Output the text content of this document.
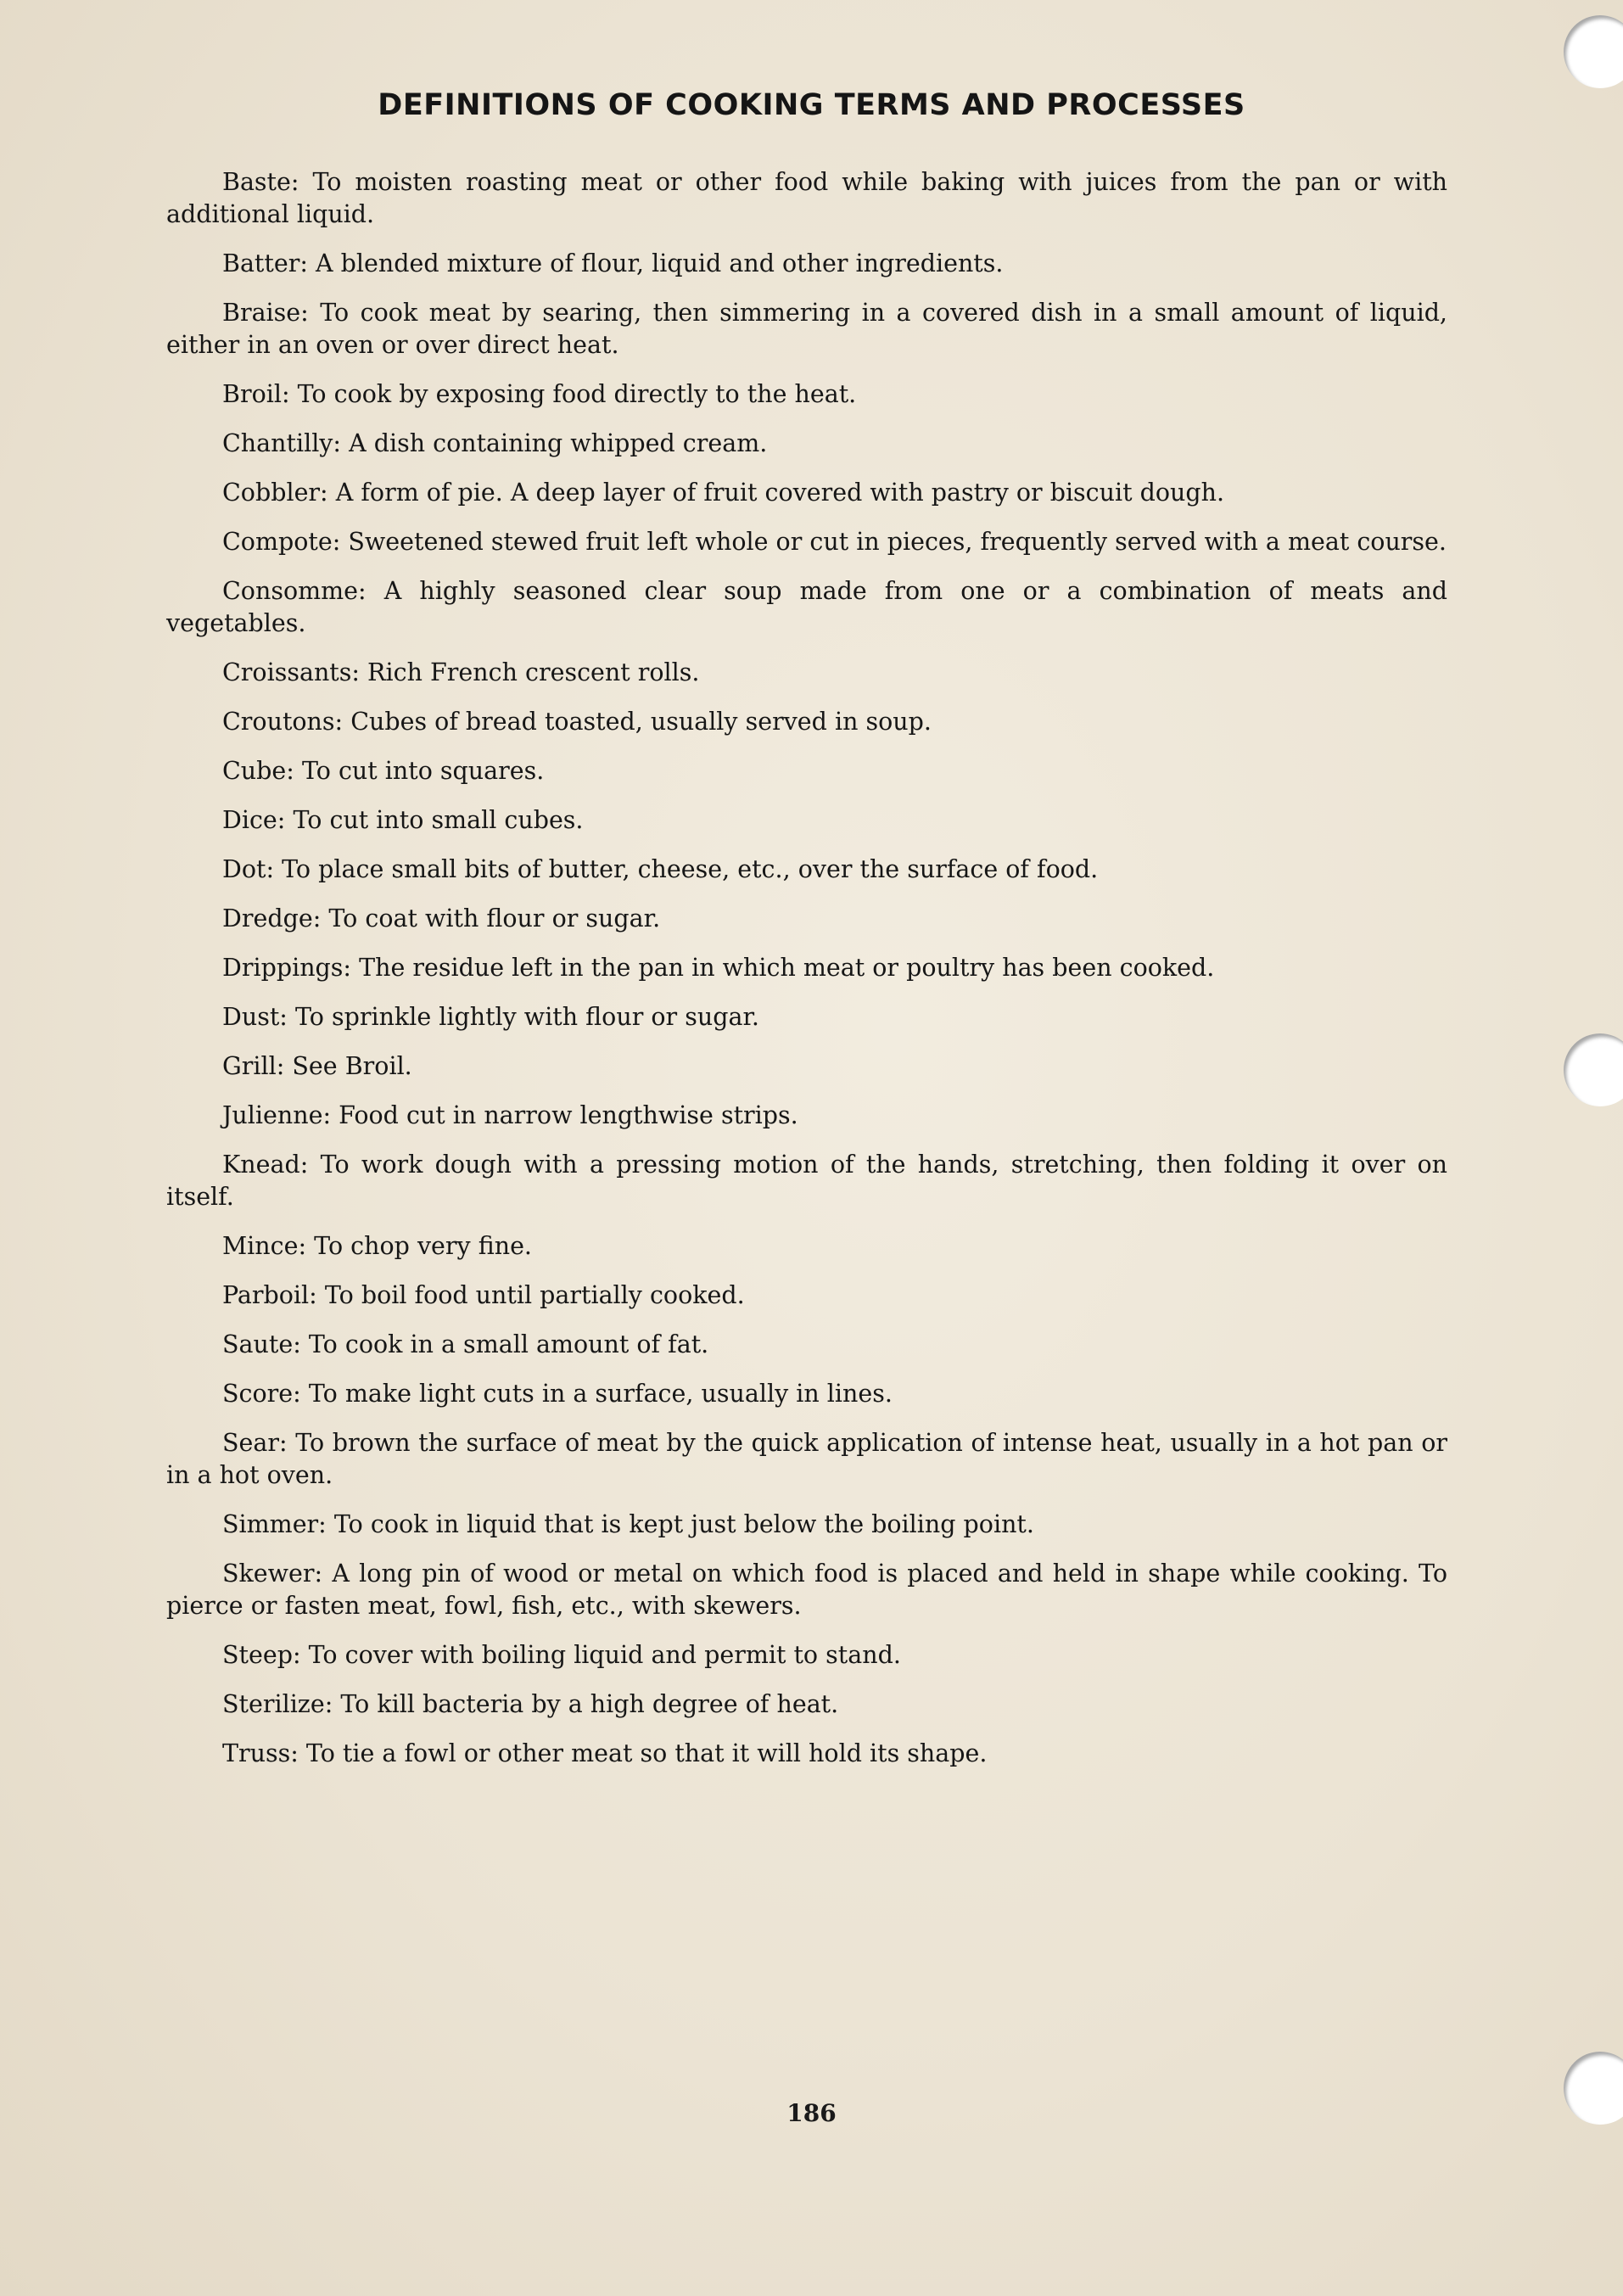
DEFINITIONS OF COOKING TERMS AND PROCESSES
Baste: To moisten roasting meat or other food while baking with juices from the pan or with additional liquid.
Batter: A blended mixture of flour, liquid and other ingredients.
Braise: To cook meat by searing, then simmering in a covered dish in a small amount of liquid, either in an oven or over direct heat.
Broil: To cook by exposing food directly to the heat.
Chantilly: A dish containing whipped cream.
Cobbler: A form of pie. A deep layer of fruit covered with pastry or biscuit dough.
Compote: Sweetened stewed fruit left whole or cut in pieces, frequently served with a meat course.
Consomme: A highly seasoned clear soup made from one or a combination of meats and vegetables.
Croissants: Rich French crescent rolls.
Croutons: Cubes of bread toasted, usually served in soup.
Cube: To cut into squares.
Dice: To cut into small cubes.
Dot: To place small bits of butter, cheese, etc., over the surface of food.
Dredge: To coat with flour or sugar.
Drippings: The residue left in the pan in which meat or poultry has been cooked.
Dust: To sprinkle lightly with flour or sugar.
Grill: See Broil.
Julienne: Food cut in narrow lengthwise strips.
Knead: To work dough with a pressing motion of the hands, stretching, then folding it over on itself.
Mince: To chop very fine.
Parboil: To boil food until partially cooked.
Saute: To cook in a small amount of fat.
Score: To make light cuts in a surface, usually in lines.
Sear: To brown the surface of meat by the quick application of intense heat, usually in a hot pan or in a hot oven.
Simmer: To cook in liquid that is kept just below the boiling point.
Skewer: A long pin of wood or metal on which food is placed and held in shape while cooking. To pierce or fasten meat, fowl, fish, etc., with skewers.
Steep: To cover with boiling liquid and permit to stand.
Sterilize: To kill bacteria by a high degree of heat.
Truss: To tie a fowl or other meat so that it will hold its shape.
186
